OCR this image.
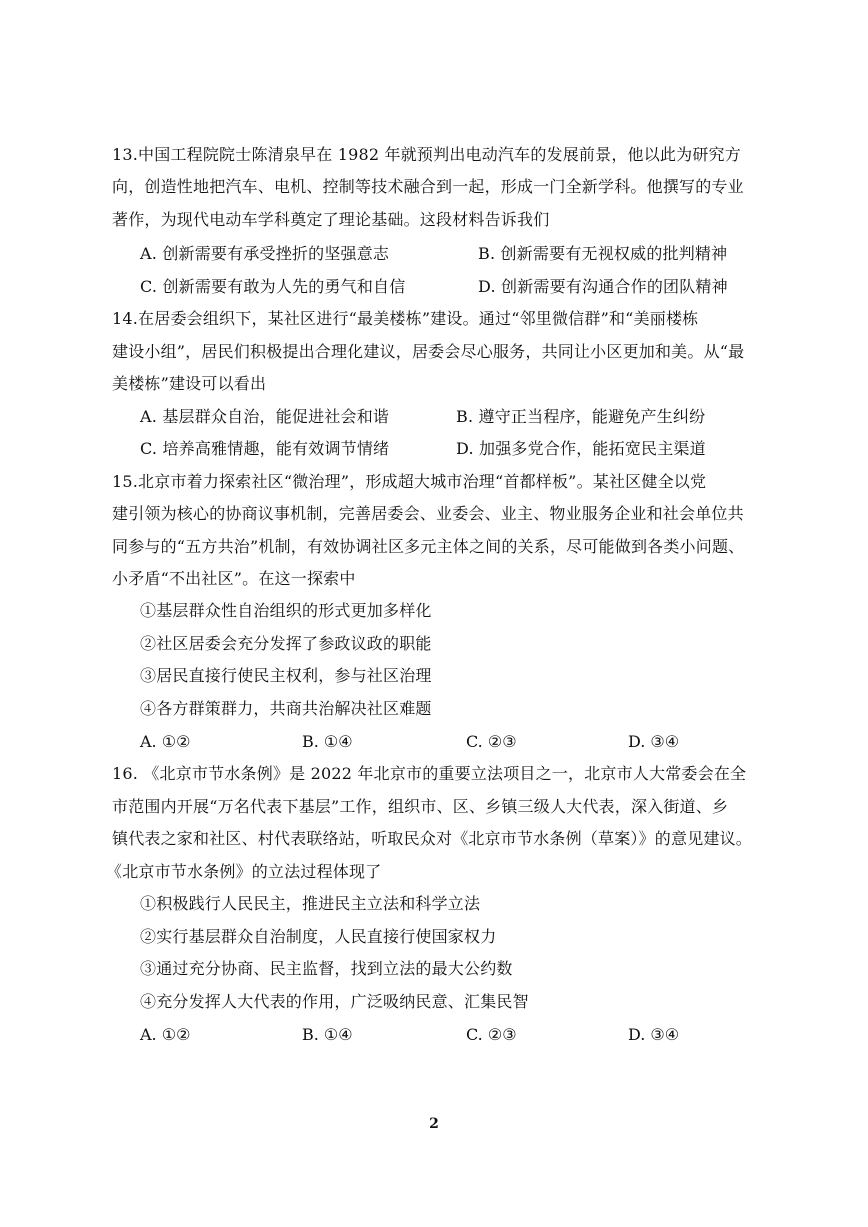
13.中国工程院院士陈清泉早在 1982 年就预判出电动汽车的发展前景，他以此为研究方
向，创造性地把汽车、电机、控制等技术融合到一起，形成一门全新学科。他撰写的专业
著作，为现代电动车学科奠定了理论基础。这段材料告诉我们
A. 创新需要有承受挫折的坚强意志	B. 创新需要有无视权威的批判精神
C. 创新需要有敢为人先的勇气和自信	D. 创新需要有沟通合作的团队精神
14.在居委会组织下，某社区进行“最美楼栋”建设。通过“邻里微信群”和“美丽楼栋
建设小组”，居民们积极提出合理化建议，居委会尽心服务，共同让小区更加和美。从“最
美楼栋”建设可以看出
A. 基层群众自治，能促进社会和谐	B. 遵守正当程序，能避免产生纠纷
C. 培养高雅情趣，能有效调节情绪	D. 加强多党合作，能拓宽民主渠道
15.北京市着力探索社区“微治理”，形成超大城市治理“首都样板”。某社区健全以党
建引领为核心的协商议事机制，完善居委会、业委会、业主、物业服务企业和社会单位共
同参与的“五方共治”机制，有效协调社区多元主体之间的关系，尽可能做到各类小问题、
小矛盾“不出社区”。在这一探索中
①基层群众性自治组织的形式更加多样化
②社区居委会充分发挥了参政议政的职能
③居民直接行使民主权利，参与社区治理
④各方群策群力，共商共治解决社区难题
A. ①②	B. ①④	C. ②③	D. ③④
16. 《北京市节水条例》是 2022 年北京市的重要立法项目之一，北京市人大常委会在全
市范围内开展“万名代表下基层”工作，组织市、区、乡镇三级人大代表，深入街道、乡
镇代表之家和社区、村代表联络站，听取民众对《北京市节水条例（草案）》的意见建议。
《北京市节水条例》的立法过程体现了
①积极践行人民民主，推进民主立法和科学立法
②实行基层群众自治制度，人民直接行使国家权力
③通过充分协商、民主监督，找到立法的最大公约数
④充分发挥人大代表的作用，广泛吸纳民意、汇集民智
A. ①②	B. ①④	C. ②③	D. ③④
2
